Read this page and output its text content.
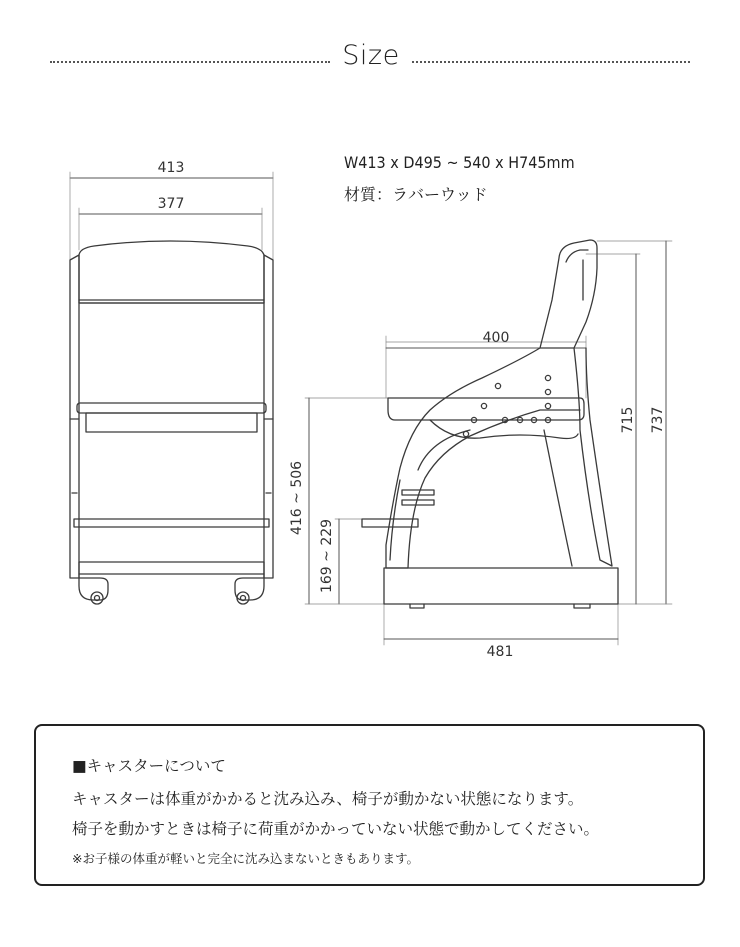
Size
W413 x D495 ~ 540 x H745mm
材質：ラバーウッド
413
377
400
481
416 ~ 506
169 ~ 229
715 737
■キャスターについて
キャスターは体重がかかると沈み込み、椅子が動かない状態になります。
椅子を動かすときは椅子に荷重がかかっていない状態で動かしてください。
※お子様の体重が軽いと完全に沈み込まないときもあります。
